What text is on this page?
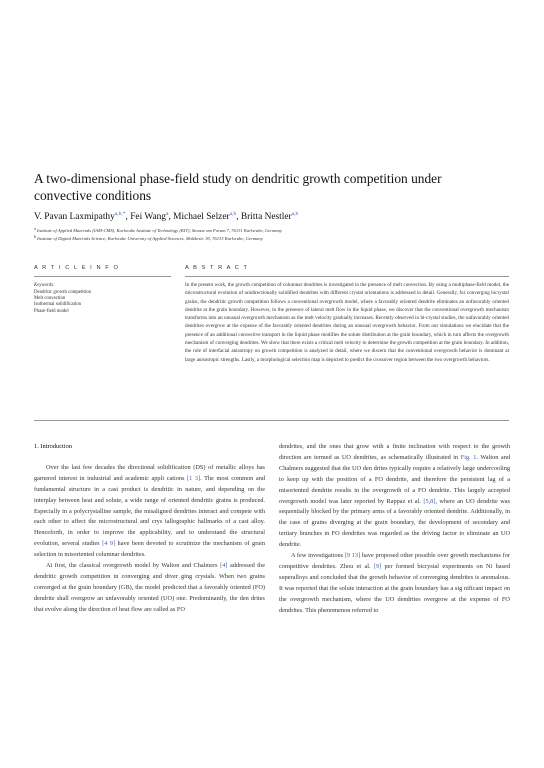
A two-dimensional phase-field study on dendritic growth competition under
convective conditions
V. Pavan Laxmipathy$^{a,b,*}$, Fei Wang$^a$, Michael Selzer$^{a,b}$, Britta Nestler$^{a,b}$
$^a$ Institute of Applied Materials (IAM-CMS), Karlsruhe Institute of Technology (KIT), Strasse am Forum 7, 76131 Karlsruhe, Germany
$^b$ Institute of Digital Materials Science, Karlsruhe University of Applied Sciences, Moltkestr. 30, 76133 Karlsruhe, Germany
A R T I C L E I N F O	A B S T R A C T
Keywords:
Dendritic growth competition
Melt convection
Isothermal solidification
Phase-field model
In the present work, the growth competition of columnar dendrites is investigated in the presence of melt convection. By using a multiphase-field model, the microstructural evolution of unidirectionally solidified dendrites with different crystal orientations is addressed in detail. Generally, for converging bicrystal grains, the dendritic growth competition follows a conventional overgrowth model, where a favorably oriented dendrite eliminates an unfavorably oriented dendrite at the grain boundary. However, in the presence of lateral melt flow in the liquid phase, we discover that the conventional overgrowth mechanism transforms into an unusual overgrowth mechanism as the melt velocity gradually increases. Recently observed in bi-crystal studies, the unfavorably oriented dendrites overgrow at the expense of the favorably oriented dendrites during an unusual overgrowth behavior. From our simulations we elucidate that the presence of an additional convective transport in the liquid phase modifies the solute distribution at the grain boundary, which in turn affects the overgrowth mechanism of converging dendrites. We show that there exists a critical melt velocity to determine the growth competition at the grain boundary. In addition, the role of interfacial anisotropy on growth competition is analyzed in detail, where we discern that the conventional overgrowth behavior is dominant at large anisotropic strengths. Lastly, a morphological selection map is depicted to predict the crossover region between the two overgrowth behaviors.
1. Introduction

Over the last few decades the directional solidification (DS) of metallic alloys has garnered interest in industrial and academic appli cations [1 3]. The most common and fundamental structure in a cast product is dendritic in nature, and depending on the interplay between heat and solute, a wide range of oriented dendritic grains is produced. Especially in a polycrystalline sample, the misaligned dendrites interact and compete with each other to affect the microstructural and crys tallographic hallmarks of a cast alloy. Henceforth, in order to improve the applicability, and to understand the structural evolution, several studies [4 9] have been devoted to scrutinize the mechanism of grain selection in misoriented columnar dendrites.

At first, the classical overgrowth model by Walton and Chalmers [4] addressed the dendritic growth competition in converging and diver ging crystals. When two grains converged at the grain boundary (GB), the model predicted that a favorably oriented (FO) dendrite shall overgrow an unfavorably oriented (UO) one. Predominantly, the den drites that evolve along the direction of heat flow are called as FO

dendrites, and the ones that grow with a finite inclination with respect to the growth direction are termed as UO dendrites, as schematically illustrated in Fig. 1. Walton and Chalmers suggested that the UO den drites typically require a relatively large undercooling to keep up with the position of a FO dendrite, and therefore the persistent lag of a misoriented dendrite results in the overgrowth of a FO dendrite. This largely accepted overgrowth model was later reported by Rappaz et al. [5,8], where an UO dendrite was sequentially blocked by the primary arms of a favorably oriented dendrite. Additionally, in the case of grains diverging at the grain boundary, the development of secondary and tertiary branches in FO dendrites was regarded as the driving factor to eliminate an UO dendrite.

A few investigations [9 13] have proposed other possible over growth mechanisms for competitive dendrites. Zhou et al. [9] per formed bicrystal experiments on Ni based superalloys and concluded that the growth behavior of converging dendrites is anomalous. It was reported that the solute interaction at the grain boundary has a sig nificant impact on the overgrowth mechanism, where the UO dendrites overgrow at the expense of FO dendrites. This phenomenon referred to
